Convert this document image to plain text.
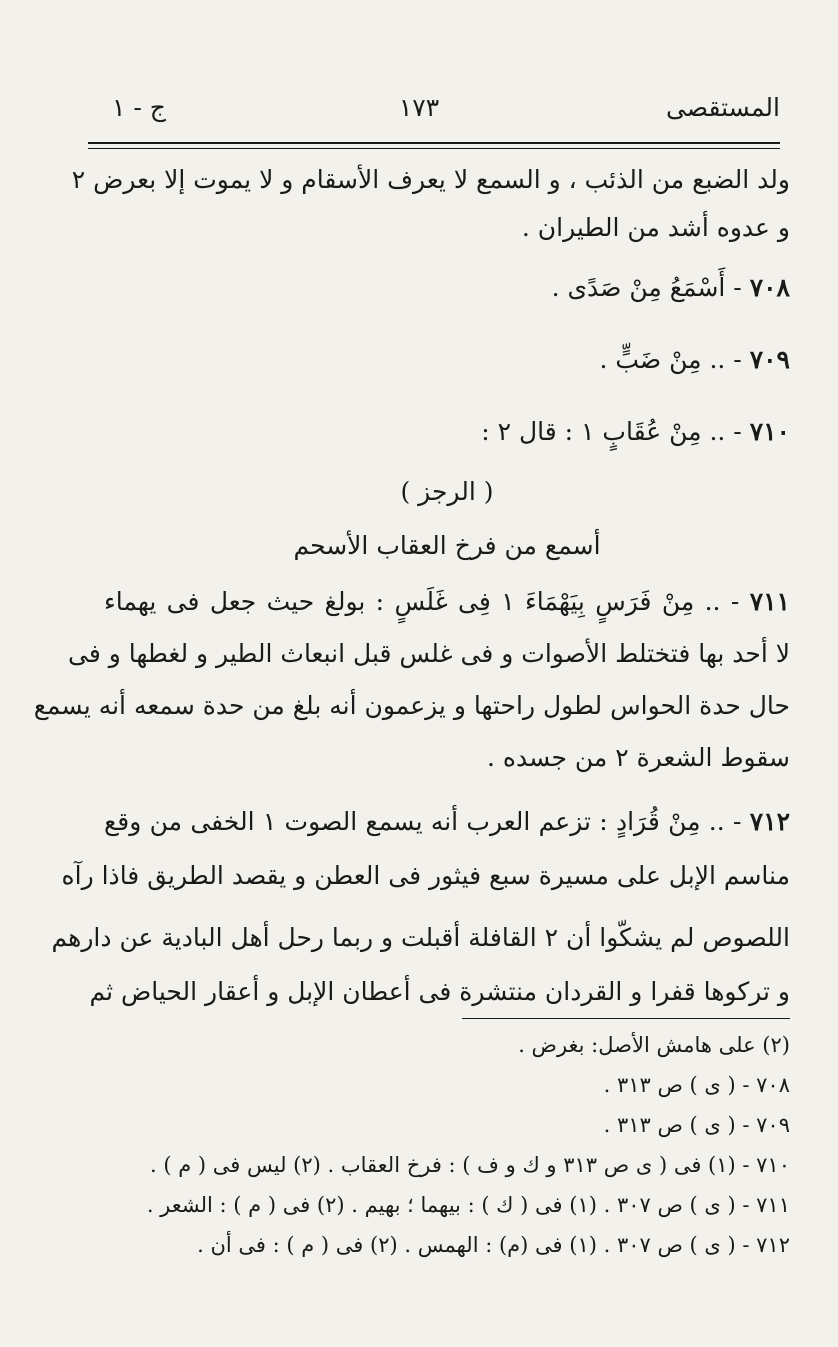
المستقصى
١٧٣
ج - ١
ولد الضبع من الذئب ، و السمع لا يعرف الأسقام و لا يموت إلا بعرض ٢
و عدوه أشد من الطيران .
٧٠٨ - أَسْمَعُ مِنْ صَدًى .
٧٠٩ - .. مِنْ ضَبٍّ .
٧١٠ - .. مِنْ عُقَابٍ ١ : قال ٢ :
( الرجز )
أسمع من فرخ العقاب الأسحم
٧١١ - .. مِنْ فَرَسٍ بِيَهْمَاءَ ١ فِى غَلَسٍ : بولغ حيث جعل فى يهماء
لا أحد بها فتختلط الأصوات و فى غلس قبل انبعاث الطير و لغطها و فى
حال حدة الحواس لطول راحتها و يزعمون أنه بلغ من حدة سمعه أنه يسمع
سقوط الشعرة ٢ من جسده .
٧١٢ - .. مِنْ قُرَادٍ : تزعم العرب أنه يسمع الصوت ١ الخفى من وقع
مناسم الإبل على مسيرة سبع فيثور فى العطن و يقصد الطريق فاذا رآه
اللصوص لم يشكّوا أن ٢ القافلة أقبلت و ربما رحل أهل البادية عن دارهم
و تركوها قفرا و القردان منتشرة فى أعطان الإبل و أعقار الحياض ثم
(٢) على هامش الأصل: بغرض .
٧٠٨ - ( ى ) ص ٣١٣ .
٧٠٩ - ( ى ) ص ٣١٣ .
٧١٠ - (١) فى ( ى ص ٣١٣ و ك و ف ) : فرخ العقاب . (٢) ليس فى ( م ) .
٧١١ - ( ى ) ص ٣٠٧ . (١) فى ( ك ) : بيهما ؛ بهيم . (٢) فى ( م ) : الشعر .
٧١٢ - ( ى ) ص ٣٠٧ . (١) فى (م) : الهمس . (٢) فى ( م ) : فى أن .
